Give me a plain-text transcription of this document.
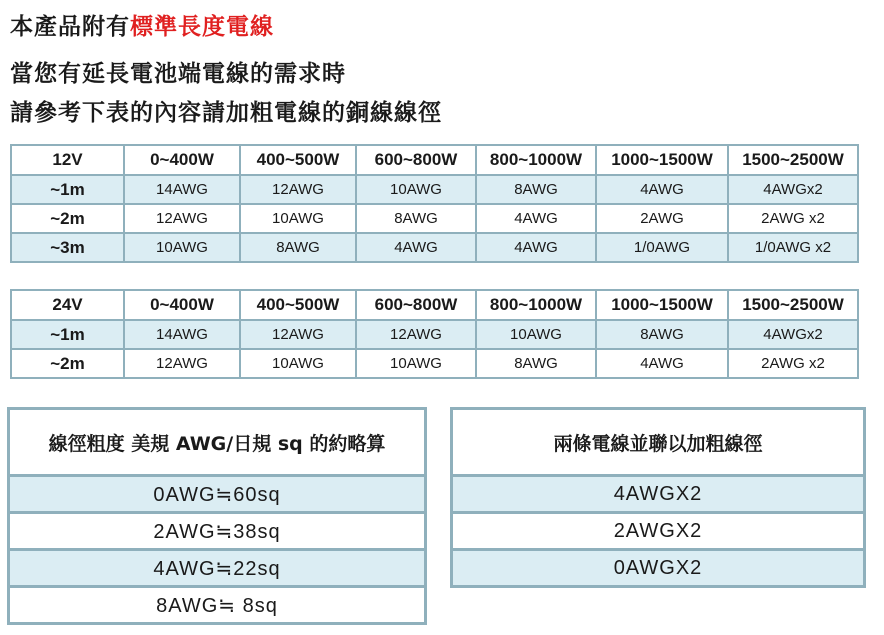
本產品附有標準長度電線
當您有延長電池端電線的需求時
請參考下表的內容請加粗電線的銅線線徑
12V	0~400W	400~500W	600~800W	800~1000W	1000~1500W	1500~2500W
~1m	14AWG	12AWG	10AWG	8AWG	4AWG	4AWGx2
~2m	12AWG	10AWG	8AWG	4AWG	2AWG	2AWG x2
~3m	10AWG	8AWG	4AWG	4AWG	1/0AWG	1/0AWG x2
24V	0~400W	400~500W	600~800W	800~1000W	1000~1500W	1500~2500W
~1m	14AWG	12AWG	12AWG	10AWG	8AWG	4AWGx2
~2m	12AWG	10AWG	10AWG	8AWG	4AWG	2AWG x2
線徑粗度 美規 AWG/日規 sq 的約略算
0AWG≒60sq
2AWG≒38sq
4AWG≒22sq
8AWG≒ 8sq
兩條電線並聯以加粗線徑
4AWGX2
2AWGX2
0AWGX2
